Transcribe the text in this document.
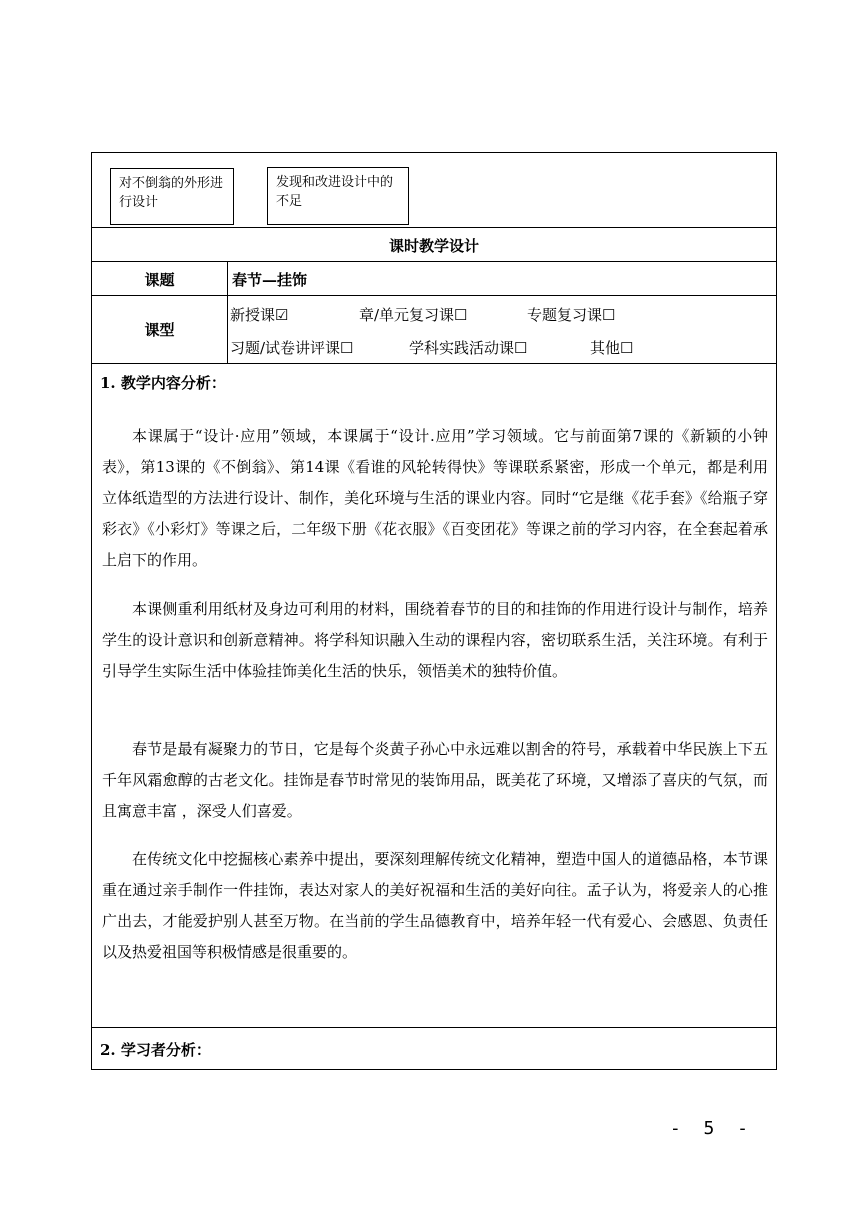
对不倒翁的外形进行设计
发现和改进设计中的不足
课时教学设计
课题	春节—挂饰
课型
新授课☑	章/单元复习课☐	专题复习课☐
习题/试卷讲评课☐	学科实践活动课☐	其他☐
1. 教学内容分析：
本课属于“设计·应用”领域，本课属于“设计.应用”学习领域。它与前面第7课的《新颖的小钟表》，第13课的《不倒翁》、第14课《看谁的风轮转得快》等课联系紧密，形成一个单元，都是利用立体纸造型的方法进行设计、制作，美化环境与生活的课业内容。同时“它是继《花手套》《给瓶子穿彩衣》《小彩灯》等课之后，二年级下册《花衣服》《百变团花》等课之前的学习内容，在全套起着承上启下的作用。
本课侧重利用纸材及身边可利用的材料，围绕着春节的目的和挂饰的作用进行设计与制作，培养学生的设计意识和创新意精神。将学科知识融入生动的课程内容，密切联系生活，关注环境。有利于引导学生实际生活中体验挂饰美化生活的快乐，领悟美术的独特价值。
春节是最有凝聚力的节日，它是每个炎黄子孙心中永远难以割舍的符号，承载着中华民族上下五千年风霜愈醇的古老文化。挂饰是春节时常见的装饰用品，既美花了环境，又增添了喜庆的气氛，而且寓意丰富 ，深受人们喜爱。
在传统文化中挖掘核心素养中提出，要深刻理解传统文化精神，塑造中国人的道德品格，本节课重在通过亲手制作一件挂饰，表达对家人的美好祝福和生活的美好向往。孟子认为，将爱亲人的心推广出去，才能爱护别人甚至万物。在当前的学生品德教育中，培养年轻一代有爱心、会感恩、负责任以及热爱祖国等积极情感是很重要的。
2. 学习者分析：
- 5 -
